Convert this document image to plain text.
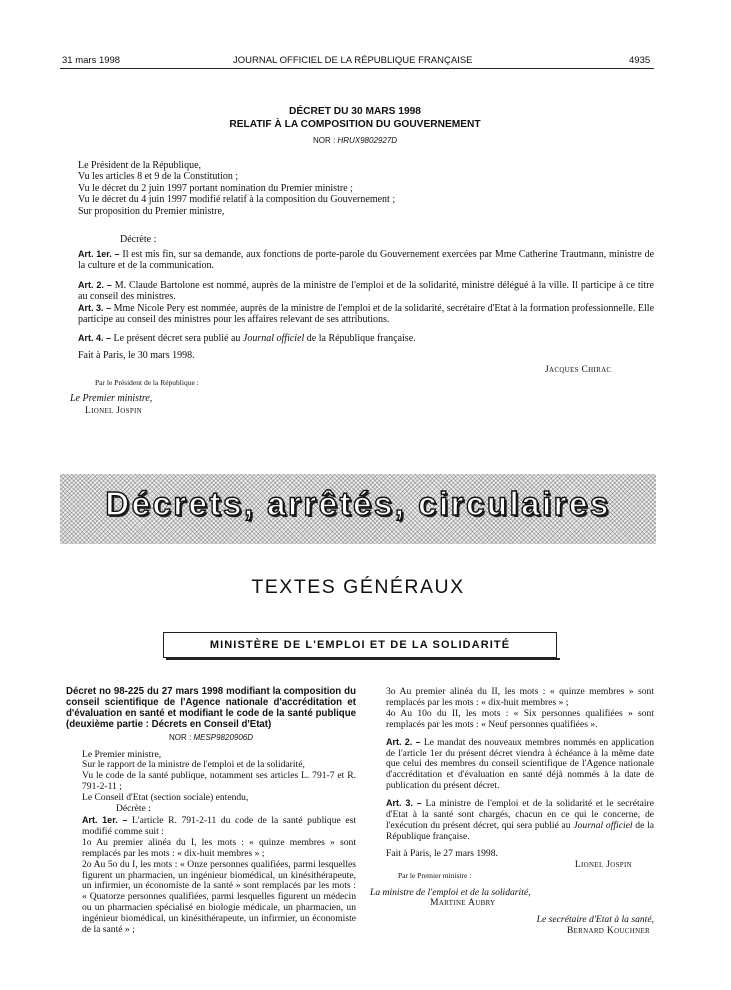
31 mars 1998	JOURNAL OFFICIEL DE LA RÉPUBLIQUE FRANÇAISE	4935
DÉCRET DU 30 MARS 1998
RELATIF À LA COMPOSITION DU GOUVERNEMENT
NOR : HRUX9802927D

Le Président de la République,

Vu les articles 8 et 9 de la Constitution ;

Vu le décret du 2 juin 1997 portant nomination du Premier ministre ;

Vu le décret du 4 juin 1997 modifié relatif à la composition du Gouvernement ;

Sur proposition du Premier ministre,

Décrète :

Art. 1er. – Il est mis fin, sur sa demande, aux fonctions de porte-parole du Gouvernement exercées par Mme Catherine Trautmann, ministre de la culture et de la communication.

Art. 2. – M. Claude Bartolone est nommé, auprès de la ministre de l'emploi et de la solidarité, ministre délégué à la ville. Il participe à ce titre au conseil des ministres.

Art. 3. – Mme Nicole Pery est nommée, auprès de la ministre de l'emploi et de la solidarité, secrétaire d'Etat à la formation professionnelle. Elle participe au conseil des ministres pour les affaires relevant de ses attributions.

Art. 4. – Le présent décret sera publié au Journal officiel de la République française.

Fait à Paris, le 30 mars 1998.

Jacques Chirac
Par le Président de la République :
Le Premier ministre,
Lionel Jospin
Décrets, arrêtés, circulaires
TEXTES GÉNÉRAUX
MINISTÈRE DE L'EMPLOI ET DE LA SOLIDARITÉ

Décret no 98-225 du 27 mars 1998 modifiant la composition du conseil scientifique de l'Agence nationale d'accréditation et d'évaluation en santé et modifiant le code de la santé publique (deuxième partie : Décrets en Conseil d'Etat)

NOR : MESP9820906D

Le Premier ministre,

Sur le rapport de la ministre de l'emploi et de la solidarité,

Vu le code de la santé publique, notamment ses articles L. 791-7 et R. 791-2-11 ;

Le Conseil d'Etat (section sociale) entendu,

Décrète :

Art. 1er. – L'article R. 791-2-11 du code de la santé publique est modifié comme suit :

1o Au premier alinéa du I, les mots : « quinze membres » sont remplacés par les mots : « dix-huit membres » ;

2o Au 5o du I, les mots : « Onze personnes qualifiées, parmi lesquelles figurent un pharmacien, un ingénieur biomédical, un kinésithérapeute, un infirmier, un économiste de la santé » sont remplacés par les mots : « Quatorze personnes qualifiées, parmi lesquelles figurent un médecin ou un pharmacien spécialisé en biologie médicale, un pharmacien, un ingénieur biomédical, un kinésithérapeute, un infirmier, un économiste de la santé » ;

3o Au premier alinéa du II, les mots : « quinze membres » sont remplacés par les mots : « dix-huit membres » ;

4o Au 10o du II, les mots : « Six personnes qualifiées » sont remplacés par les mots : « Neuf personnes qualifiées ».

Art. 2. – Le mandat des nouveaux membres nommés en application de l'article 1er du présent décret viendra à échéance à la même date que celui des membres du conseil scientifique de l'Agence nationale d'accréditation et d'évaluation en santé déjà nommés à la date de publication du présent décret.

Art. 3. – La ministre de l'emploi et de la solidarité et le secrétaire d'Etat à la santé sont chargés, chacun en ce qui le concerne, de l'exécution du présent décret, qui sera publié au Journal officiel de la République française.

Fait à Paris, le 27 mars 1998.

Lionel Jospin

Par le Premier ministre :

La ministre de l'emploi et de la solidarité,

Martine Aubry

Le secrétaire d'Etat à la santé,

Bernard Kouchner
